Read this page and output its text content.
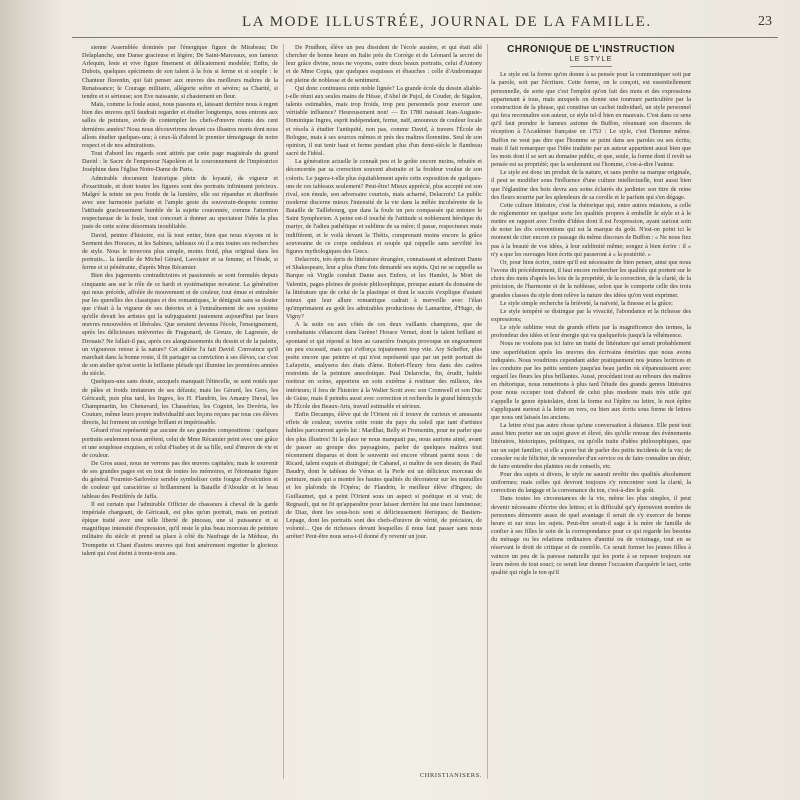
LA MODE ILLUSTRÉE, JOURNAL DE LA FAMILLE.	23

sienne Assemblée dominée par l'énergique figure de Mirabeau; De Delaplanche, une Danse gracieuse et légère; De Saint-Marceaux, son fameux Arlequin, leste et vive figure finement et délicatement modelée; Enfin, de Dubois, quelques spécimens de son talent à la fois si ferme et si souple : le Chanteur florentin, qui fait penser aux œuvres des meilleurs maîtres de la Renaissance; le Courage militaire, allégorie sobre et sévère; sa Charité, si tendre et si sérieuse; son Eve naissante, si chastement en fleur.

Mais, comme la foule aussi, nous passons et, laissant derrière nous à regret bien des œuvres qu'il faudrait regarder et étudier longtemps, nous entrons aux salles de peinture, avide de contempler les chefs-d'œuvre réunis des cent dernières années! Nous nous découvrirons devant ces illustres morts dont nous allons étudier quelques-uns; à ceux-là d'abord le premier témoignage de notre respect et de nos admirations.

Tout d'abord les regards sont attirés par cette page magistrale du grand David : le Sacre de l'empereur Napoléon et le couronnement de l'impératrice Joséphine dans l'église Notre-Dame de Paris.

Admirable document historique plein de loyauté, de vigueur et d'exactitude, et dont toutes les figures sont des portraits infiniment précieux. Malgré la teinte un peu froide de la lumière, elle est répandue et distribuée avec une harmonie parfaite et l'ample geste du souverain-despote comme l'attitude gracieusement humble de la sujette couronnée, comme l'attention respectueuse de la foule, tout concourt à donner au spectateur l'idée la plus juste de cette scène désormais inoubliable.

David, peintre d'histoire, est là tout entier, bien que nous n'ayons ni le Serment des Horaces, ni les Sabines, tableaux où il a mis toutes ses recherches de style. Nous le trouvons plus simple, moins froid, plus original dans les portraits... la famille de Michel Gérard, Lavoisier et sa femme, et l'étude, si ferme et si pénétrante, d'après Mme Récamier.

Bien des jugements contradictoires et passionnés se sont formulés depuis cinquante ans sur le rôle de ce hardi et systématique novateur. La génération qui nous précède, affolée de mouvement et de couleur, tout émue et entraînée par les querelles des classiques et des romantiques, le dénigrait sans se douter que c'était à la vigueur de ses théories et à l'entraînement de son système qu'elle devait les artistes qui la subjuguaient justement aujourd'hui par leurs œuvres renouvelées et libérales. Que seraient devenus l'école, l'enseignement, après les délicieuses mièvreries de Fragonard, de Greuze, de Lagrenée, de Drouais? Ne fallait-il pas, après ces alanguissements du dessin et de la palette, un vigoureux retour à la nature? Cet athlète l'a fait David. Convaincu qu'il marchait dans la bonne route, il fit partager sa conviction à ses élèves, car c'est de son atelier qu'est sortie la brillante pléiade qui illumine les premières années du siècle.

Quelques-uns sans doute, auxquels manquait l'étincelle, se sont restés que de pâles et froids imitateurs de ses défauts; mais les Gérard, les Gros, les Géricault, puis plus tard, les Ingres, les H. Flandrin, les Amaury Duval, les Champmartin, les Chenavard, les Chassériau, les Cogniet, les Devéria, les Couture, même leurs propre individualité aux leçons reçues par tous ces élèves directs, lui forment un cortège brillant et impérissable.

Gérard n'est représenté par aucune de ses grandes compositions : quelques portraits seulement nous arrêtent, celui de Mme Récamier peint avec une grâce et une souplesse exquises, et celui d'Isabey et de sa fille, seul d'œuvre de vie et de couleur.

De Gros aussi, nous ne verrons pas des œuvres capitales; mais le souvenir de ses grandes pages est en tout de toutes les mémoires, et l'étonnante figure du général Fournier-Sarlovèze semble symboliser cette fougue d'exécution et de couleur qui caractérise si brillamment la Bataille d'Aboukir et le beau tableau des Pestiférés de Jaffa.

Il est certain que l'admirable Officier de chasseurs à cheval de la garde impériale chargeant, de Géricault, est plus qu'un portrait, mais un portrait épique traité avec une telle liberté de pinceau, une si puissance et si magnifique intensité d'expression, qu'il reste le plus beau morceau de peinture militaire du siècle et prend sa place à côté du Naufrage de la Méduse, du Trompette et Chant d'autres œuvres qui font amèrement regretter le glorieux talent qui s'est éteint à trente-trois ans.

De Prudhon, élève un peu dissident de l'école austère, et qui était allé chercher de bonne heure en Italie près du Corrège et de Léonard la secret de leur grâce divine, nous ne voyons, outre deux beaux portraits, celui d'Antony et de Mme Copia, que quelques esquisses et ébauches : celle d'Andromaque est pleine de noblesse et de sentiment.

Qui donc continuera cette noble lignée? La grande école du dessin aliable-t-elle réuni aux seules mains de Hésse, d'Abel de Pujol, de Couder, de Sigalon, talents estimables, mais trop froids, trop peu personnels pour exercer une véritable influence? Heureusement non! — En 1780 naissait Jean-Auguste-Dominique Ingres, esprit indépendant, ferme, naïf, amoureux de couleur locale et résolu à étudier l'antiquité, non pas, comme David, à travers l'École de Bologne, mais à ses sources mêmes et près des maîtres florentins. Seul de son opinion, il eut tenir haut et ferme pendant plus d'un demi-siècle le flambeau sacré de l'idéal.

La génération actuelle le connaît peu et le goûte encore moins, rebutée et déconcertée par sa correction souvent abstraite et la froideur voulue de son coloris. Le jugera-t-elle plus équitablement après cette exposition de quelques-uns de ces tableaux seulement? Peut-être! Mieux apprécié, plus accepté est son rival, son émule, son adversaire courtois, mais acharné, Delacroix! Le public moderne discerne mieux l'intensité de la vie dans la mêlée incohérente de la Bataille de Taillebourg, que dans la foule un peu compassée qui entoure le Saint Symphorien. A peine est-il touché de l'attitude si noblement héroïque du martyr, de l'adieu pathétique et sublime de sa mère; il passe, respectueux mais indifférent, et le voilà devant la Thétis, comprenant moins encore la grâce souveraine de ce corps onduleux et souple qui rappelle sans servilité les figures mythologiques des Grecs.

Delacroix, très épris de littérature étrangère, connaissant et admirant Dante et Shakespeare, leur a plus d'une fois demandé ses sujets. Qui ne se rappelle sa Barque où Virgile conduit Dante aux Enfers, et les Hamlet, la Mort de Valentin, pages pleines de poésie philosophique, presque autant du domaine de la littérature que de celui de la plastique et dont le succès s'explique d'autant mieux que leur allure romantique cadrait à merveille avec l'élan qu'imprimaient au goût les admirables productions de Lamartine, d'Hugo, de Vigny?

A la suite ou aux côtés de ces deux vaillants champions, que de combattants s'élancent dans l'arène! Horace Vernet, dont le talent brillant et spontané et qui répond si bien au caractère français provoque un engouement un peu excessif, mais qui s'efforça injustement trop vite. Ary Scheffer, plus poète encore que peintre et qui n'est représenté que par un petit portrait de Lafayette, analysera des états d'âme. Robert-Fleury fera dans des cadres restreints de la peinture anecdotique. Paul Delaroche, fin, érudit, habile metteur en scène, apportera un soin extrême à restituer des milieux, des intérieurs; il fera de l'histoire à la Walter Scott avec son Cromwell et son Duc de Guise, mais il peindra aussi avec correction et recherche le grand hémicycle de l'École des Beaux-Arts, travail estimable et sérieux.

Enfin Decamps, élève qui de l'Orient où il trouve de curieux et amusants effets de couleur, ouvrira cette route du pays du soleil que tant d'artistes habiles parcourront après lui : Marilhat, Belly et Fromentin, pour ne parler que des plus illustres! Si la place ne nous manquait pas, nous aurions aimé, avant de passer au groupe des paysagistes, parler de quelques maîtres tout récemment disparus et dont le souvenir est encore vibrant parmi nous : de Ricard, talent exquis et distingué; de Cabanel, si maître de son dessin; de Paul Baudry, dont le tableau de Vénus et la Perle est un délicieux morceau de peinture, mais qui a montré les hautes qualités du décorateur sur les murailles et les plafonds de l'Opéra; de Flandrin, le meilleur élève d'Ingres; de Guillaumet, qui a peint l'Orient sous un aspect si poétique et si vrai; de Regnault, qui ne fit qu'apparaître pour laisser derrière lui une trace lumineuse; de Diaz, dont les sous-bois sont si délicieusement féeriques; de Bastien-Lepage, dont les portraits sont des chefs-d'œuvre de vérité, de précision, de volonté... Que de richesses devant lesquelles il nous faut passer sans nous arrêter! Peut-être nous sera-t-il donné d'y revenir un jour.

CHRISTIANISERS.
CHRONIQUE DE L'INSTRUCTION
LE STYLE

Le style est la forme qu'on donne à sa pensée pour la communiquer soit par la parole, soit par l'écriture. Cette forme, on le conçoit, est essentiellement personnelle, de sorte que c'est l'emploi qu'on fait des mots et des expressions appartenant à tous, mais auxquels on donne une tournure particulière par la construction de la phrase, qui constitue un cachet individuel, un style personnel qui fera reconnaître son auteur, ce style tel-il bien en mauvais. C'est dans ce sens qu'il faut prendre le fameux axiome de Buffon, résumant son discours de réception à l'Académie française en 1753 : Le style, c'est l'homme même. Buffon ne veut pas dire que l'homme se peint dans ses paroles ou ses écrits; mais il fait remarquer que l'idée traduite par un auteur appartient aussi bien que les mots dont il se sert au domaine public, et que, seule, la forme dont il revêt sa pensée est sa propriété; que la seulement est l'homme, c'est-à-dire l'auteur.

Le style est donc un produit de la nature, et sans perdre sa marque originale, il peut se modifier sous l'influence d'une culture intellectuelle, tout aussi bien que l'églantine des bois devra aux soins éclairés du jardinier son titre de reine des fleurs nourrie par les splendeurs de sa corolle et le parfum qui s'en dégage.

Cette culture littéraire, c'est la rhétorique qui, entre autres missions, a celle de réglementer en quelque sorte les qualités propres à embellir le style et à le mettre en rapport avec l'ordre d'idées dont il est l'expression, ayant surtout soin de noter les dix conventions qui est la marque du goût. N'est-on point ici le moment de citer encore ce passage du même discours de Buffon : « Ne nous fiez pas à la beauté de vos idées, à leur sublimité même; songez à bien écrire : il « n'y a que les ouvrages bien écrits qui passeront à « la postérité. »

Or, pour bien écrire, outre qu'il est nécessaire de bien penser, ainsi que nous l'avons dit précédemment, il faut encore rechercher les qualités qui portent sur le choix des mots d'après les lois de la propriété, de la correction, de la clarté, de la précision, de l'harmonie et de la noblesse, selon que le comporte celle des trois grandes classes du style dont relève la nature des idées qu'on veut exprimer.

Le style simple recherche la brièveté, la naïveté, la finesse et la grâce;

Le style tempéré se distingue par la vivacité, l'abondance et la richesse des expressions;

Le style sublime veut de grands effets par la magnificence des termes, la profondeur des idées et leur énergie qui va quelquefois jusqu'à la véhémence.

Nous ne voulons pas ici faire un traité de littérature qui serait probablement une superfétation après les œuvres des écrivains émérites que nous avons indiquées. Nous voudrions cependant aider pratiquement nos jeunes lectrices et les conduire par les petits sentiers jusqu'au beau jardin où s'épanouissent avec orgueil les fleurs les plus brillantes. Aussi, procédant tout au rebours des maîtres en rhétorique, nous remettrons à plus tard l'étude des grands genres littéraires pour nous occuper tout d'abord de celui plus modeste mais très utile qui s'appelle le genre épistolaire, dont la forme est l'épître ou lettre, le mot épître s'appliquant surtout à la lettre en vers, ou bien aux écrits sous forme de lettres que nous ont laissés les anciens.

La lettre n'est pas autre chose qu'une conversation à distance. Elle peut tout aussi bien porter sur un sujet grave et élevé, dès qu'elle renoue des événements littéraires, historiques, politiques, ou qu'elle traite d'idées philosophiques, que sur un sujet familier, si elle a pour but de parler des petits incidents de la vie; de consoler ou de féliciter, de renouveler d'un service ou de faire connaître un désir, de faire entendre des plaintes ou de conseils, etc.

Pour des sujets si divers, le style ne saurait revêtir des qualités absolument uniformes; mais celles qui devront toujours s'y rencontrer sont la clarté, la correction du langage et la convenance du ton, c'est-à-dire le goût.

Dans toutes les circonstances de la vie, même les plus simples, il peut devenir nécessaire d'écrire des lettres; et la difficulté qu'y éprouvent nombre de personnes démontre assez de quel avantage il serait de s'y exercer de bonne heure et sur tous les sujets. Peut-être serait-il sage à la mère de famille de confier à ses filles le soin de la correspondance pour ce qui regarde les besoins du ménage ou les relations ordinaires d'amitié ou de voisinage, tout en se réservant le droit de critique et de contrôle. Ce serait former les jeunes filles à vaincre un peu de la paresse naturelle qui les porte à se reposer toujours sur leurs mères de tout souci; ce serait leur donner l'occasion d'acquérir le tact, cette qualité qui règle le ton qu'il
